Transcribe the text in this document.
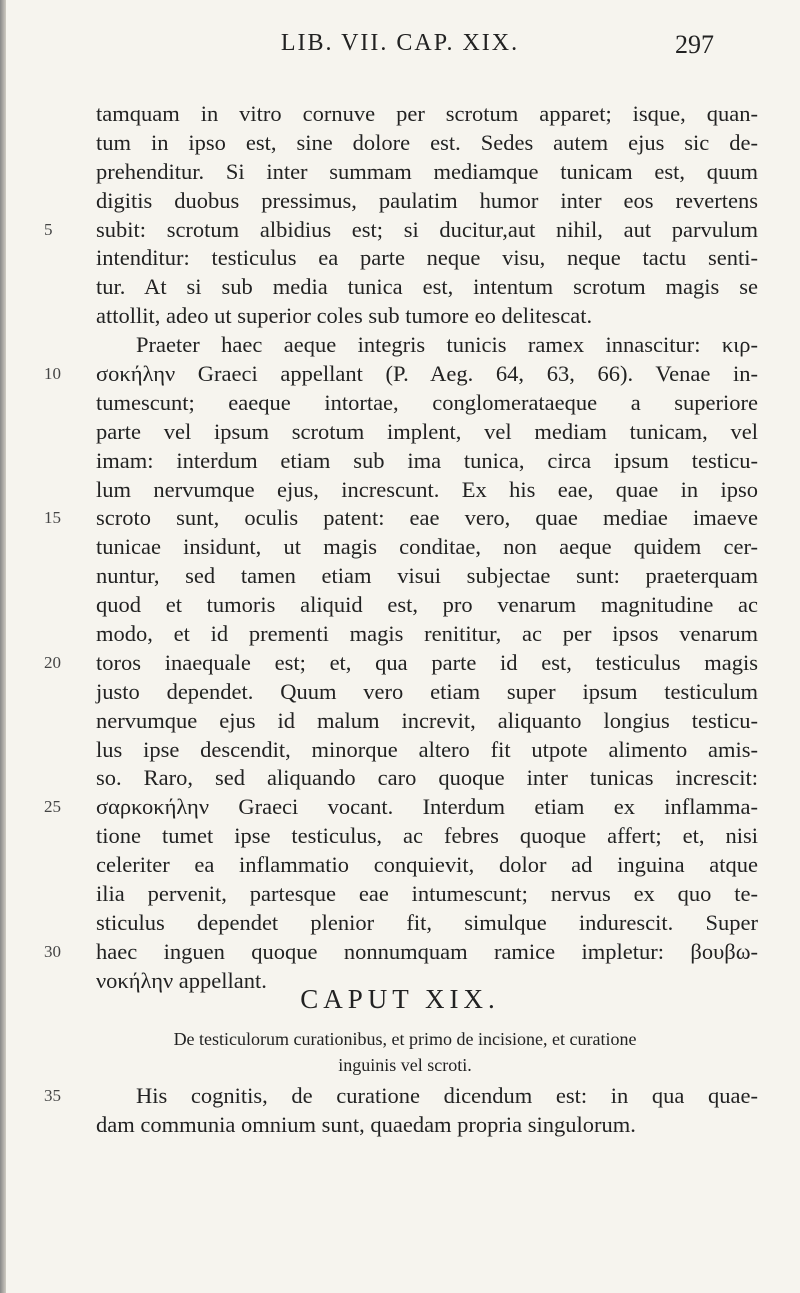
LIB. VII. CAP. XIX.	297
tamquam in vitro cornuve per scrotum apparet; isque, quan-
tum in ipso est, sine dolore est. Sedes autem ejus sic de-
prehenditur. Si inter summam mediamque tunicam est, quum
digitis duobus pressimus, paulatim humor inter eos revertens
5	subit: scrotum albidius est; si ducitur,aut nihil, aut parvulum
intenditur: testiculus ea parte neque visu, neque tactu senti-
tur. At si sub media tunica est, intentum scrotum magis se
attollit, adeo ut superior coles sub tumore eo delitescat.
Praeter haec aeque integris tunicis ramex innascitur: κιρ-
10	σοκήλην Graeci appellant (P. Aeg. 64, 63, 66). Venae in-
tumescunt; eaeque intortae, conglomerataeque a superiore
parte vel ipsum scrotum implent, vel mediam tunicam, vel
imam: interdum etiam sub ima tunica, circa ipsum testicu-
lum nervumque ejus, increscunt. Ex his eae, quae in ipso
15	scroto sunt, oculis patent: eae vero, quae mediae imaeve
tunicae insidunt, ut magis conditae, non aeque quidem cer-
nuntur, sed tamen etiam visui subjectae sunt: praeterquam
quod et tumoris aliquid est, pro venarum magnitudine ac
modo, et id prementi magis renititur, ac per ipsos venarum
20	toros inaequale est; et, qua parte id est, testiculus magis
justo dependet. Quum vero etiam super ipsum testiculum
nervumque ejus id malum increvit, aliquanto longius testicu-
lus ipse descendit, minorque altero fit utpote alimento amis-
so. Raro, sed aliquando caro quoque inter tunicas increscit:
25	σαρκοκήλην Graeci vocant. Interdum etiam ex inflamma-
tione tumet ipse testiculus, ac febres quoque affert; et, nisi
celeriter ea inflammatio conquievit, dolor ad inguina atque
ilia pervenit, partesque eae intumescunt; nervus ex quo te-
sticulus dependet plenior fit, simulque indurescit. Super
30	haec inguen quoque nonnumquam ramice impletur: βουβω-
νοκήλην appellant.
CAPUT XIX.
De testiculorum curationibus, et primo de incisione, et curatione
inguinis vel scroti.
35	His cognitis, de curatione dicendum est: in qua quae-
dam communia omnium sunt, quaedam propria singulorum.
